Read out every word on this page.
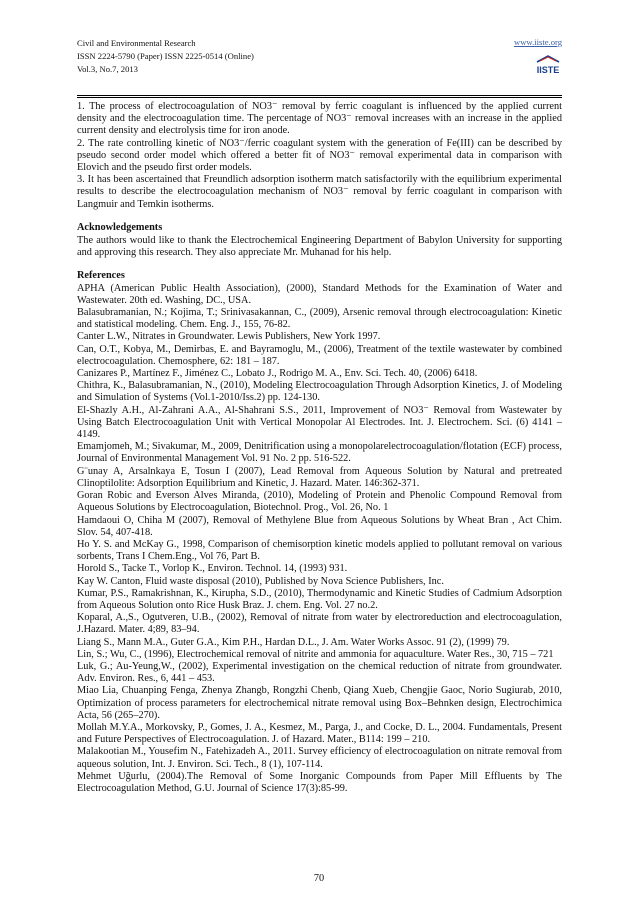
Civil and Environmental Research
ISSN 2224-5790 (Paper) ISSN 2225-0514 (Online)
Vol.3, No.7, 2013
www.iiste.org
IISTE

1. The process of electrocoagulation of NO3⁻ removal by ferric coagulant is influenced by the applied current density and the electrocoagulation time. The percentage of NO3⁻ removal increases with an increase in the applied current density and electrolysis time for iron anode.

2. The rate controlling kinetic of NO3⁻/ferric coagulant system with the generation of Fe(III) can be described by pseudo second order model which offered a better fit of NO3⁻ removal experimental data in comparison with Elovich and the pseudo first order models.

3. It has been ascertained that Freundlich adsorption isotherm match satisfactorily with the equilibrium experimental results to describe the electrocoagulation mechanism of NO3⁻ removal by ferric coagulant in comparison with Langmuir and Temkin isotherms.

Acknowledgements

The authors would like to thank the Electrochemical Engineering Department of Babylon University for supporting and approving this research. They also appreciate Mr. Muhanad for his help.

References

APHA (American Public Health Association), (2000), Standard Methods for the Examination of Water and Wastewater. 20th ed. Washing, DC., USA.

Balasubramanian, N.; Kojima, T.; Srinivasakannan, C., (2009), Arsenic removal through electrocoagulation: Kinetic and statistical modeling. Chem. Eng. J., 155, 76-82.

Canter L.W., Nitrates in Groundwater. Lewis Publishers, New York 1997.

Can, O.T., Kobya, M., Demirbas, E. and Bayramoglu, M., (2006), Treatment of the textile wastewater by combined electrocoagulation. Chemosphere, 62: 181 – 187.

Canizares P., Martínez F., Jiménez C., Lobato J., Rodrigo M. A., Env. Sci. Tech. 40, (2006) 6418.

Chithra, K., Balasubramanian, N., (2010), Modeling Electrocoagulation Through Adsorption Kinetics, J. of Modeling and Simulation of Systems (Vol.1-2010/Iss.2) pp. 124-130.

El-Shazly A.H., Al-Zahrani A.A., Al-Shahrani S.S., 2011, Improvement of NO3⁻ Removal from Wastewater by Using Batch Electrocoagulation Unit with Vertical Monopolar Al Electrodes. Int. J. Electrochem. Sci. (6) 4141 – 4149.

Emamjomeh, M.; Sivakumar, M., 2009, Denitrification using a monopolarelectrocoagulation/flotation (ECF) process, Journal of Environmental Management Vol. 91 No. 2 pp. 516-522.

G¨unay A, Arsalnkaya E, Tosun I (2007), Lead Removal from Aqueous Solution by Natural and pretreated Clinoptilolite: Adsorption Equilibrium and Kinetic, J. Hazard. Mater. 146:362-371.

Goran Robic and Everson Alves Miranda, (2010), Modeling of Protein and Phenolic Compound Removal from Aqueous Solutions by Electrocoagulation, Biotechnol. Prog., Vol. 26, No. 1

Hamdaoui O, Chiha M (2007), Removal of Methylene Blue from Aqueous Solutions by Wheat Bran , Act Chim. Slov. 54, 407-418.

Ho Y. S. and McKay G., 1998, Comparison of chemisorption kinetic models applied to pollutant removal on various sorbents, Trans I Chem.Eng., Vol 76, Part B.

Horold S., Tacke T., Vorlop K., Environ. Technol. 14, (1993) 931.

Kay W. Canton, Fluid waste disposal (2010), Published by Nova Science Publishers, Inc.

Kumar, P.S., Ramakrishnan, K., Kirupha, S.D., (2010), Thermodynamic and Kinetic Studies of Cadmium Adsorption from Aqueous Solution onto Rice Husk Braz. J. chem. Eng. Vol. 27 no.2.

Koparal, A.,S., Ogutveren, U.B., (2002), Removal of nitrate from water by electroreduction and electrocoagulation, J.Hazard. Mater. 4;89, 83–94.

Liang S., Mann M.A., Guter G.A., Kim P.H., Hardan D.L., J. Am. Water Works Assoc. 91 (2), (1999) 79.

Lin, S.; Wu, C., (1996), Electrochemical removal of nitrite and ammonia for aquaculture. Water Res., 30, 715 – 721

Luk, G.; Au-Yeung,W., (2002), Experimental investigation on the chemical reduction of nitrate from groundwater. Adv. Environ. Res., 6, 441 – 453.

Miao Lia, Chuanping Fenga, Zhenya Zhangb, Rongzhi Chenb, Qiang Xueb, Chengjie Gaoc, Norio Sugiurab, 2010, Optimization of process parameters for electrochemical nitrate removal using Box–Behnken design, Electrochimica Acta, 56 (265–270).

Mollah M.Y.A., Morkovsky, P., Gomes, J. A., Kesmez, M., Parga, J., and Cocke, D. L., 2004. Fundamentals, Present and Future Perspectives of Electrocoagulation. J. of Hazard. Mater., B114: 199 – 210.

Malakootian M., Yousefim N., Fatehizadeh A., 2011. Survey efficiency of electrocoagulation on nitrate removal from aqueous solution, Int. J. Environ. Sci. Tech., 8 (1), 107-114.

Mehmet Uğurlu, (2004).The Removal of Some Inorganic Compounds from Paper Mill Effluents by The Electrocoagulation Method, G.U. Journal of Science 17(3):85-99.

70
